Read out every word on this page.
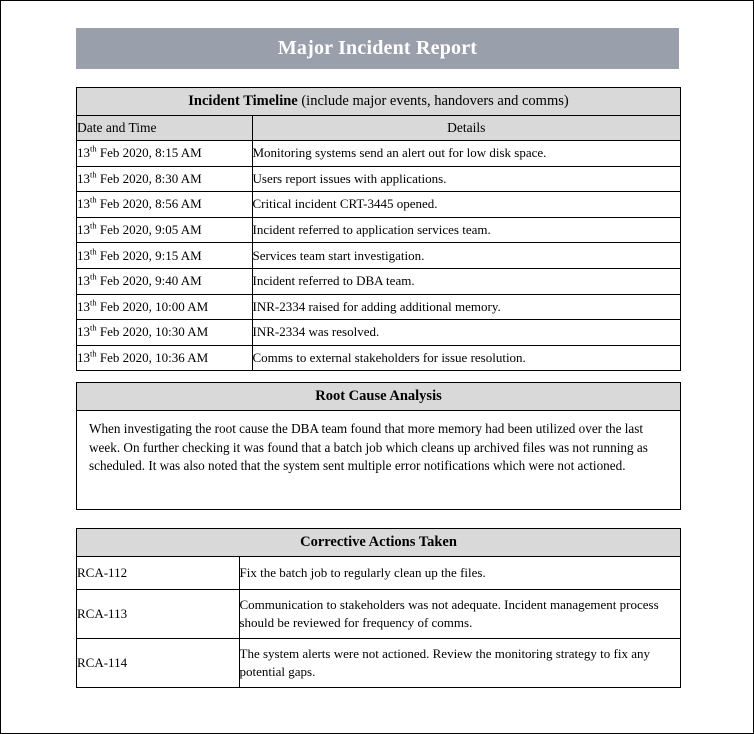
Major Incident Report
Incident Timeline (include major events, handovers and comms)	
Date and Time	Details
13th Feb 2020, 8:15 AM	Monitoring systems send an alert out for low disk space.
13th Feb 2020, 8:30 AM	Users report issues with applications.
13th Feb 2020, 8:56 AM	Critical incident CRT-3445 opened.
13th Feb 2020, 9:05 AM	Incident referred to application services team.
13th Feb 2020, 9:15 AM	Services team start investigation.
13th Feb 2020, 9:40 AM	Incident referred to DBA team.
13th Feb 2020, 10:00 AM	INR-2334 raised for adding additional memory.
13th Feb 2020, 10:30 AM	INR-2334 was resolved.
13th Feb 2020, 10:36 AM	Comms to external stakeholders for issue resolution.
Root Cause Analysis
When investigating the root cause the DBA team found that more memory had been utilized over the last week. On further checking it was found that a batch job which cleans up archived files was not running as scheduled. It was also noted that the system sent multiple error notifications which were not actioned.
Corrective Actions Taken	
RCA-112	Fix the batch job to regularly clean up the files.
RCA-113	Communication to stakeholders was not adequate. Incident management process should be reviewed for frequency of comms.
RCA-114	The system alerts were not actioned. Review the monitoring strategy to fix any potential gaps.
